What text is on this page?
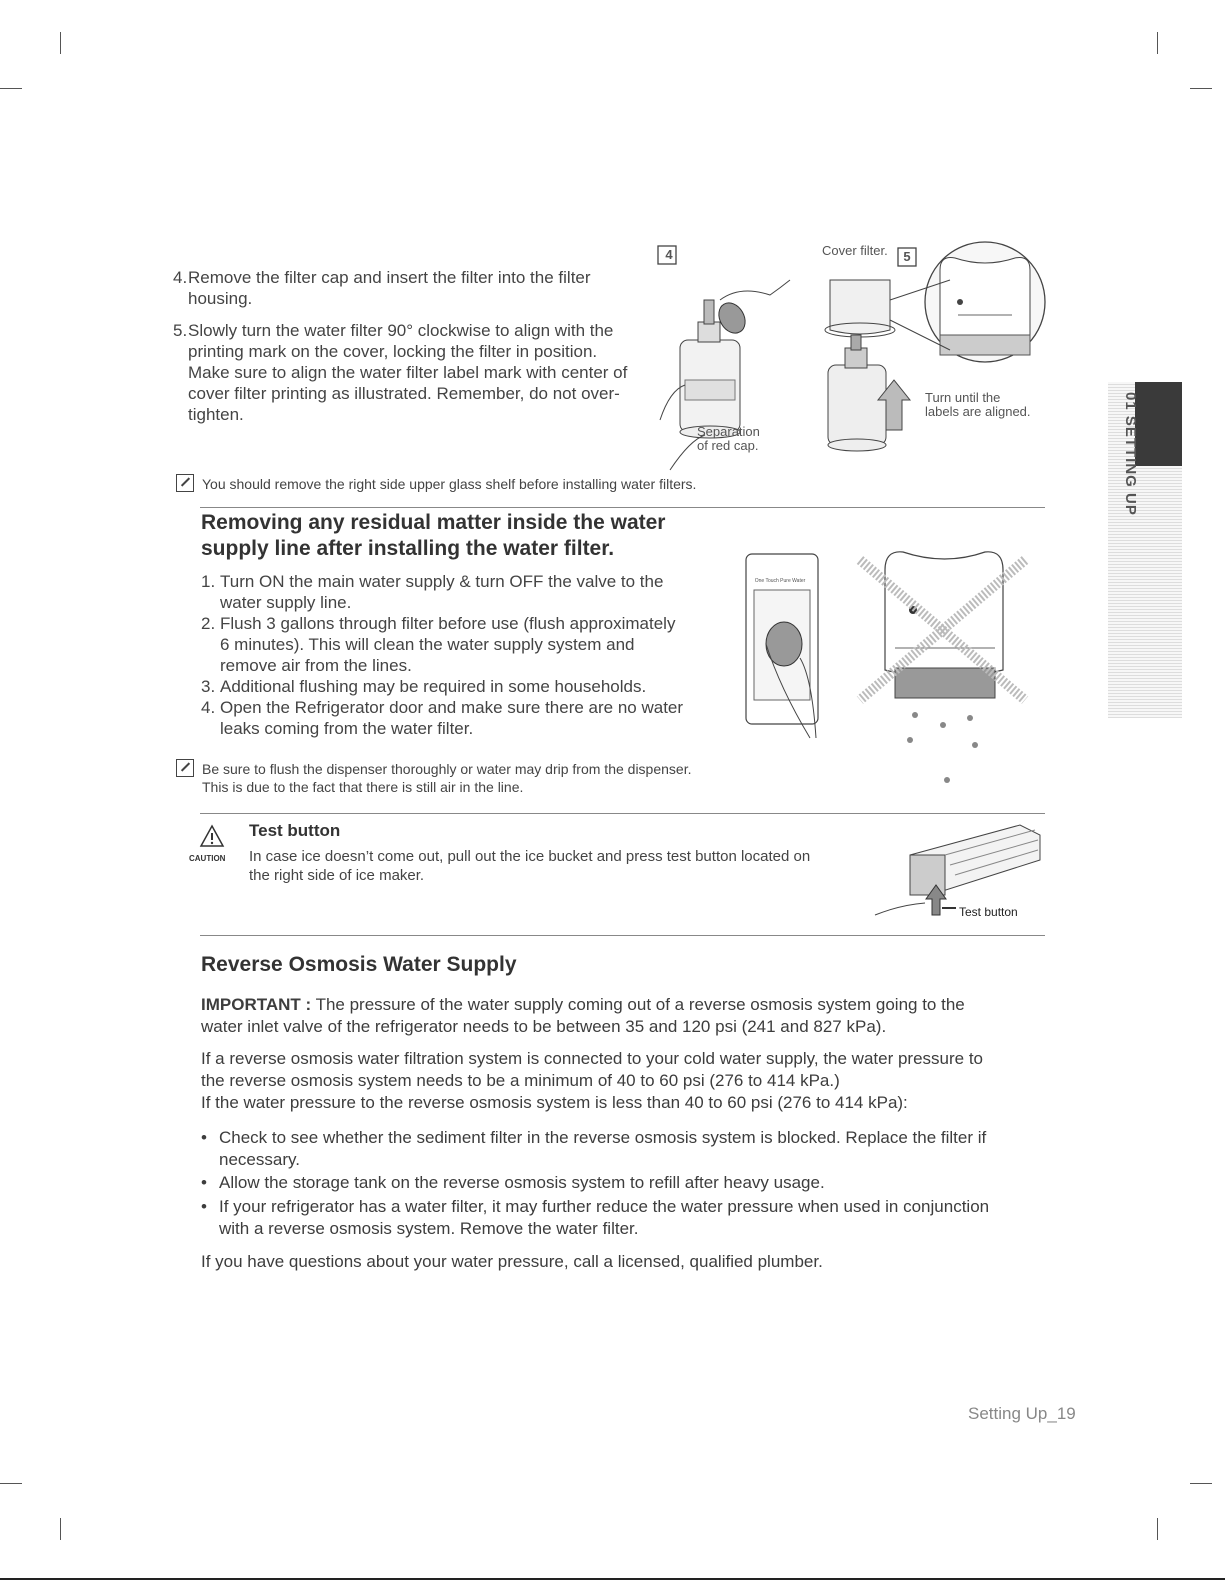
4. Remove the filter cap and insert the filter into the filter
housing.
5. Slowly turn the water filter 90° clockwise to align with the
printing mark on the cover, locking the filter in position.
Make sure to align the water filter label mark with center of
cover filter printing as illustrated. Remember, do not over-
tighten.
4	5
Cover filter.
Separation
of red cap.
Turn until the
labels are aligned.
You should remove the right side upper glass shelf before installing water filters.
Removing any residual matter inside the water
supply line after installing the water filter.
1. Turn ON the main water supply & turn OFF the valve to the
water supply line.
2. Flush 3 gallons through filter before use (flush approximately
6 minutes). This will clean the water supply system and
remove air from the lines.
3. Additional flushing may be required in some households.
4. Open the Refrigerator door and make sure there are no water
leaks coming from the water filter.
One Touch Pure Water
Be sure to flush the dispenser thoroughly or water may drip from the dispenser.
This is due to the fact that there is still air in the line.
CAUTION
Test button
In case ice doesn’t come out, pull out the ice bucket and press test button located on
the right side of ice maker.
Test button
Reverse Osmosis Water Supply
IMPORTANT : The pressure of the water supply coming out of a reverse osmosis system going to the
water inlet valve of the refrigerator needs to be between 35 and 120 psi (241 and 827 kPa).
If a reverse osmosis water filtration system is connected to your cold water supply, the water pressure to
the reverse osmosis system needs to be a minimum of 40 to 60 psi (276 to 414 kPa.)
If the water pressure to the reverse osmosis system is less than 40 to 60 psi (276 to 414 kPa):
• Check to see whether the sediment filter in the reverse osmosis system is blocked. Replace the filter if
necessary.
• Allow the storage tank on the reverse osmosis system to refill after heavy usage.
• If your refrigerator has a water filter, it may further reduce the water pressure when used in conjunction
with a reverse osmosis system. Remove the water filter.
If you have questions about your water pressure, call a licensed, qualified plumber.
01 SETTING UP
Setting Up_19
